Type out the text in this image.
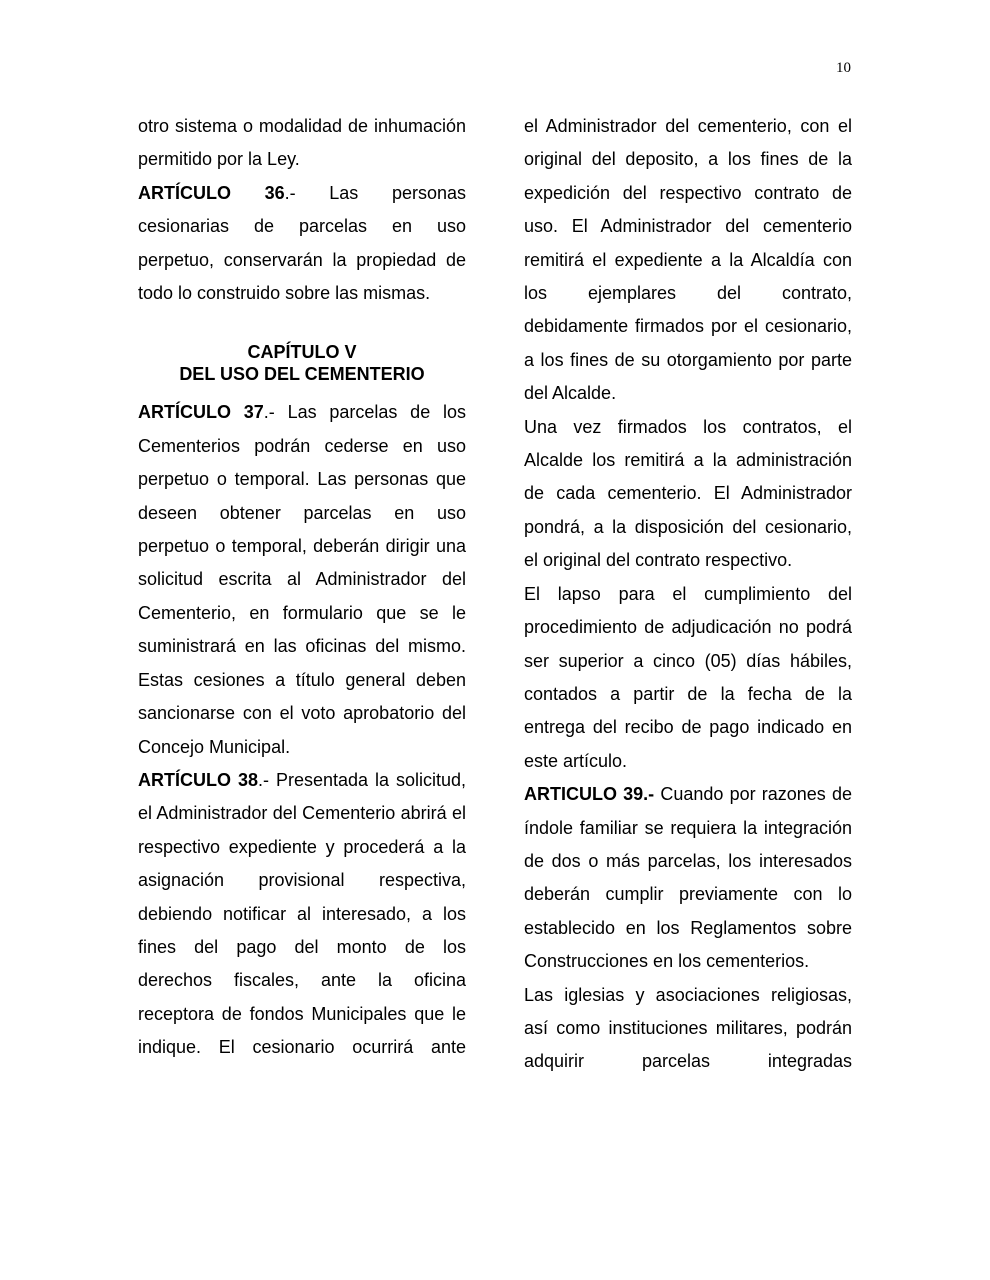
10

otro sistema o modalidad de inhumación permitido por la Ley.

ARTÍCULO 36.- Las personas cesionarias de parcelas en uso perpetuo, conservarán la propiedad de todo lo construido sobre las mismas.

CAPÍTULO V
DEL USO DEL CEMENTERIO

ARTÍCULO 37.- Las parcelas de los Cementerios podrán cederse en uso perpetuo o temporal. Las personas que deseen obtener parcelas en uso perpetuo o temporal, deberán dirigir una solicitud escrita al Administrador del Cementerio, en formulario que se le suministrará en las oficinas del mismo. Estas cesiones a título general deben sancionarse con el voto aprobatorio del Concejo Municipal.

ARTÍCULO 38.- Presentada la solicitud, el Administrador del Cementerio abrirá el respectivo expediente y procederá a la asignación provisional respectiva, debiendo notificar al interesado, a los fines del pago del monto de los derechos fiscales, ante la oficina receptora de fondos Municipales que le indique. El cesionario ocurrirá ante

el Administrador del cementerio, con el original del deposito, a los fines de la expedición del respectivo contrato de uso. El Administrador del cementerio remitirá el expediente a la Alcaldía con los ejemplares del contrato, debidamente firmados por el cesionario, a los fines de su otorgamiento por parte del Alcalde.

Una vez firmados los contratos, el Alcalde los remitirá a la administración de cada cementerio. El Administrador pondrá, a la disposición del cesionario, el original del contrato respectivo.

El lapso para el cumplimiento del procedimiento de adjudicación no podrá ser superior a cinco (05) días hábiles, contados a partir de la fecha de la entrega del recibo de pago indicado en este artículo.

ARTICULO 39.- Cuando por razones de índole familiar se requiera la integración de dos o más parcelas, los interesados deberán cumplir previamente con lo establecido en los Reglamentos sobre Construcciones en los cementerios.

Las iglesias y asociaciones religiosas, así como instituciones militares, podrán adquirir parcelas integradas
